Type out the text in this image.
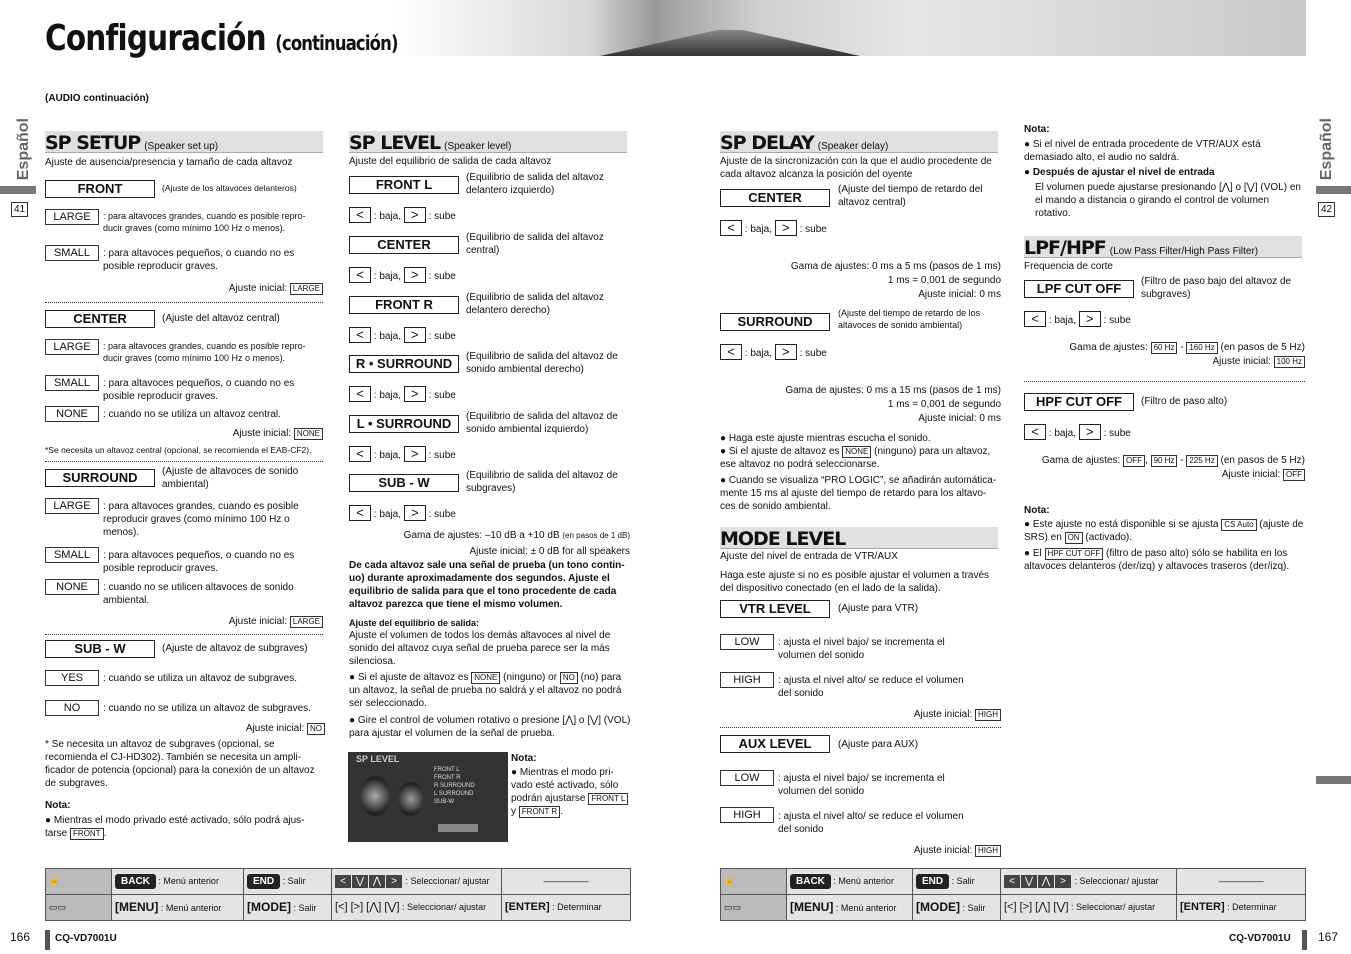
Configuración (continuación)
(AUDIO continuación)
Español
41
Español
42
SP SETUP (Speaker set up)
Ajuste de ausencia/presencia y tamaño de cada altavoz
FRONT	(Ajuste de los altavoces delanteros)
LARGE	: para altavoces grandes, cuando es posible repro- ducir graves (como mínimo 100 Hz o menos).
SMALL	: para altavoces pequeños, o cuando no es posible reproducir graves.
Ajuste inicial: LARGE
CENTER	(Ajuste del altavoz central)
LARGE	: para altavoces grandes, cuando es posible repro- ducir graves (como mínimo 100 Hz o menos).
SMALL	: para altavoces pequeños, o cuando no es posible reproducir graves.
NONE	: cuando no se utiliza un altavoz central.
Ajuste inicial: NONE
*Se necesita un altavoz central (opcional, se recomienda el EAB-CF2).
SURROUND	(Ajuste de altavoces de sonido ambiental)
LARGE	: para altavoces grandes, cuando es posible reproducir graves (como mínimo 100 Hz o menos).
SMALL	: para altavoces pequeños, o cuando no es posible reproducir graves.
NONE	: cuando no se utilicen altavoces de sonido ambiental.
Ajuste inicial: LARGE
SUB - W	(Ajuste de altavoz de subgraves)
YES	: cuando se utiliza un altavoz de subgraves.
NO	: cuando no se utiliza un altavoz de subgraves.
Ajuste inicial: NO
* Se necesita un altavoz de subgraves (opcional, se recomienda el CJ-HD302). También se necesita un ampli- ficador de potencia (opcional) para la conexión de un altavoz de subgraves.
Nota:
● Mientras el modo privado esté activado, sólo podrá ajus- tarse FRONT .
SP LEVEL (Speaker level)
Ajuste del equilibrio de salida de cada altavoz
FRONT L	(Equilibrio de salida del altavoz delantero izquierdo)
< : baja, > : sube
CENTER	(Equilibrio de salida del altavoz central)
< : baja, > : sube
FRONT R	(Equilibrio de salida del altavoz delantero derecho)
< : baja, > : sube
R • SURROUND	(Equilibrio de salida del altavoz de sonido ambiental derecho)
< : baja, > : sube
L • SURROUND	(Equilibrio de salida del altavoz de sonido ambiental izquierdo)
< : baja, > : sube
SUB - W	(Equilibrio de salida del altavoz de subgraves)
< : baja, > : sube
Gama de ajustes: –10 dB a +10 dB (en pasos de 1 dB)
Ajuste inicial: ± 0 dB for all speakers
De cada altavoz sale una señal de prueba (un tono contin- uo) durante aproximadamente dos segundos. Ajuste el equilibrio de salida para que el tono procedente de cada altavoz parezca que tiene el mismo volumen.
Ajuste del equilibrio de salida:
Ajuste el volumen de todos los demás altavoces al nivel de sonido del altavoz cuya señal de prueba parece ser la más silenciosa.
● Si el ajuste de altavoz es NONE (ninguno) or NO (no) para un altavoz, la señal de prueba no saldrá y el altavoz no podrá ser seleccionado.
● Gire el control de volumen rotativo o presione [⋀] o [⋁] (VOL) para ajustar el volumen de la señal de prueba.
SP LEVEL
FRONT L
FRONT R
R SURROUND
L SURROUND
SUB-W
Nota:
● Mientras el modo pri- vado esté activado, sólo podrán ajustarse FRONT L y FRONT R .
SP DELAY (Speaker delay)
Ajuste de la sincronización con la que el audio procedente de cada altavoz alcanza la posición del oyente
CENTER
(Ajuste del tiempo de retardo del altavoz central)
< : baja, > : sube
Gama de ajustes: 0 ms a 5 ms (pasos de 1 ms)
1 ms = 0,001 de segundo
Ajuste inicial: 0 ms
SURROUND
(Ajuste del tiempo de retardo de los altavoces de sonido ambiental)
< : baja, > : sube
Gama de ajustes: 0 ms a 15 ms (pasos de 1 ms)
1 ms = 0,001 de segundo
Ajuste inicial: 0 ms
● Haga este ajuste mientras escucha el sonido.
● Si el ajuste de altavoz es NONE (ninguno) para un altavoz, ese altavoz no podrá seleccionarse.
● Cuando se visualiza “PRO LOGIC”, se añadirán automática- mente 15 ms al ajuste del tiempo de retardo para los altavo- ces de sonido ambiental.
MODE LEVEL
Ajuste del nivel de entrada de VTR/AUX
Haga este ajuste si no es posible ajustar el volumen a través del dispositivo conectado (en el lado de la salida).
VTR LEVEL	(Ajuste para VTR)
LOW	: ajusta el nivel bajo/ se incrementa el volumen del sonido
HIGH	: ajusta el nivel alto/ se reduce el volumen del sonido
Ajuste inicial: HIGH
AUX LEVEL	(Ajuste para AUX)
LOW	: ajusta el nivel bajo/ se incrementa el volumen del sonido
HIGH	: ajusta el nivel alto/ se reduce el volumen del sonido
Ajuste inicial: HIGH
Nota:
● Si el nivel de entrada procedente de VTR/AUX está demasiado alto, el audio no saldrá.
● Después de ajustar el nivel de entrada
El volumen puede ajustarse presionando [⋀] o [⋁] (VOL) en el mando a distancia o girando el control de volumen rotativo.
LPF/HPF (Low Pass Filter/High Pass Filter)
Frequencia de corte
LPF CUT OFF	(Filtro de paso bajo del altavoz de subgraves)
< : baja, > : sube
Gama de ajustes: 60 Hz - 160 Hz (en pasos de 5 Hz)
Ajuste inicial: 100 Hz
HPF CUT OFF	(Filtro de paso alto)
< : baja, > : sube
Gama de ajustes: OFF , 90 Hz - 225 Hz (en pasos de 5 Hz)
Ajuste inicial: OFF
Nota:
● Este ajuste no está disponible si se ajusta CS Auto (ajuste de SRS) en ON (activado).
● El HPF CUT OFF (filtro de paso alto) sólo se habilita en los altavoces delanteros (der/izq) y altavoces traseros (der/izq).
☝	BACK : Menú anterior	END : Salir	< ⋁ ⋀ > : Seleccionar/ ajustar	—————
▭▭	[MENU] : Menú anterior	[MODE] : Salir	[<] [>] [⋀] [⋁] : Seleccionar/ ajustar	[ENTER] : Determinar
☝	BACK : Menú anterior	END : Salir	< ⋁ ⋀ > : Seleccionar/ ajustar	—————
▭▭	[MENU] : Menú anterior	[MODE] : Salir	[<] [>] [⋀] [⋁] : Seleccionar/ ajustar	[ENTER] : Determinar
166 CQ-VD7001U	CQ-VD7001U 167
